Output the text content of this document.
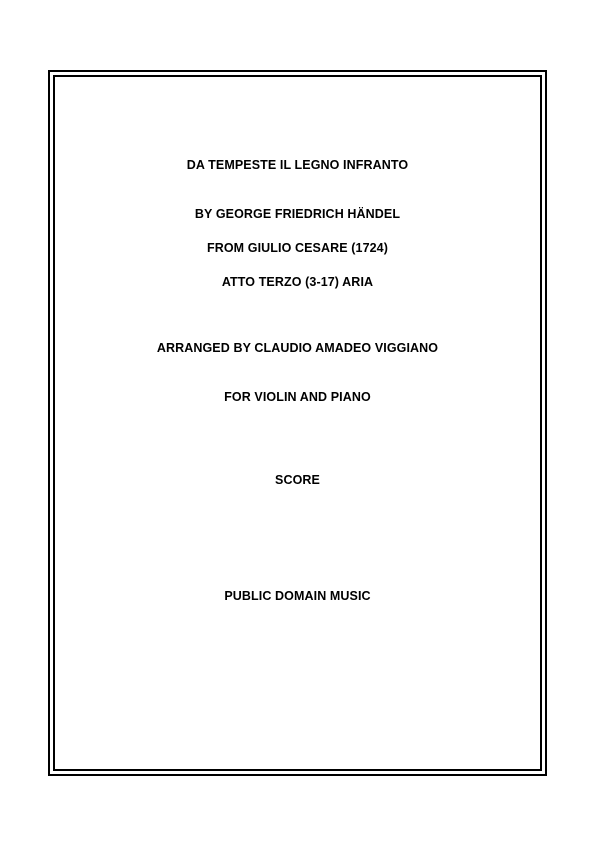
DA TEMPESTE IL LEGNO INFRANTO
BY GEORGE FRIEDRICH HÄNDEL
FROM GIULIO CESARE (1724)
ATTO TERZO (3-17) ARIA
ARRANGED BY CLAUDIO AMADEO VIGGIANO
FOR VIOLIN AND PIANO
SCORE
PUBLIC DOMAIN MUSIC
